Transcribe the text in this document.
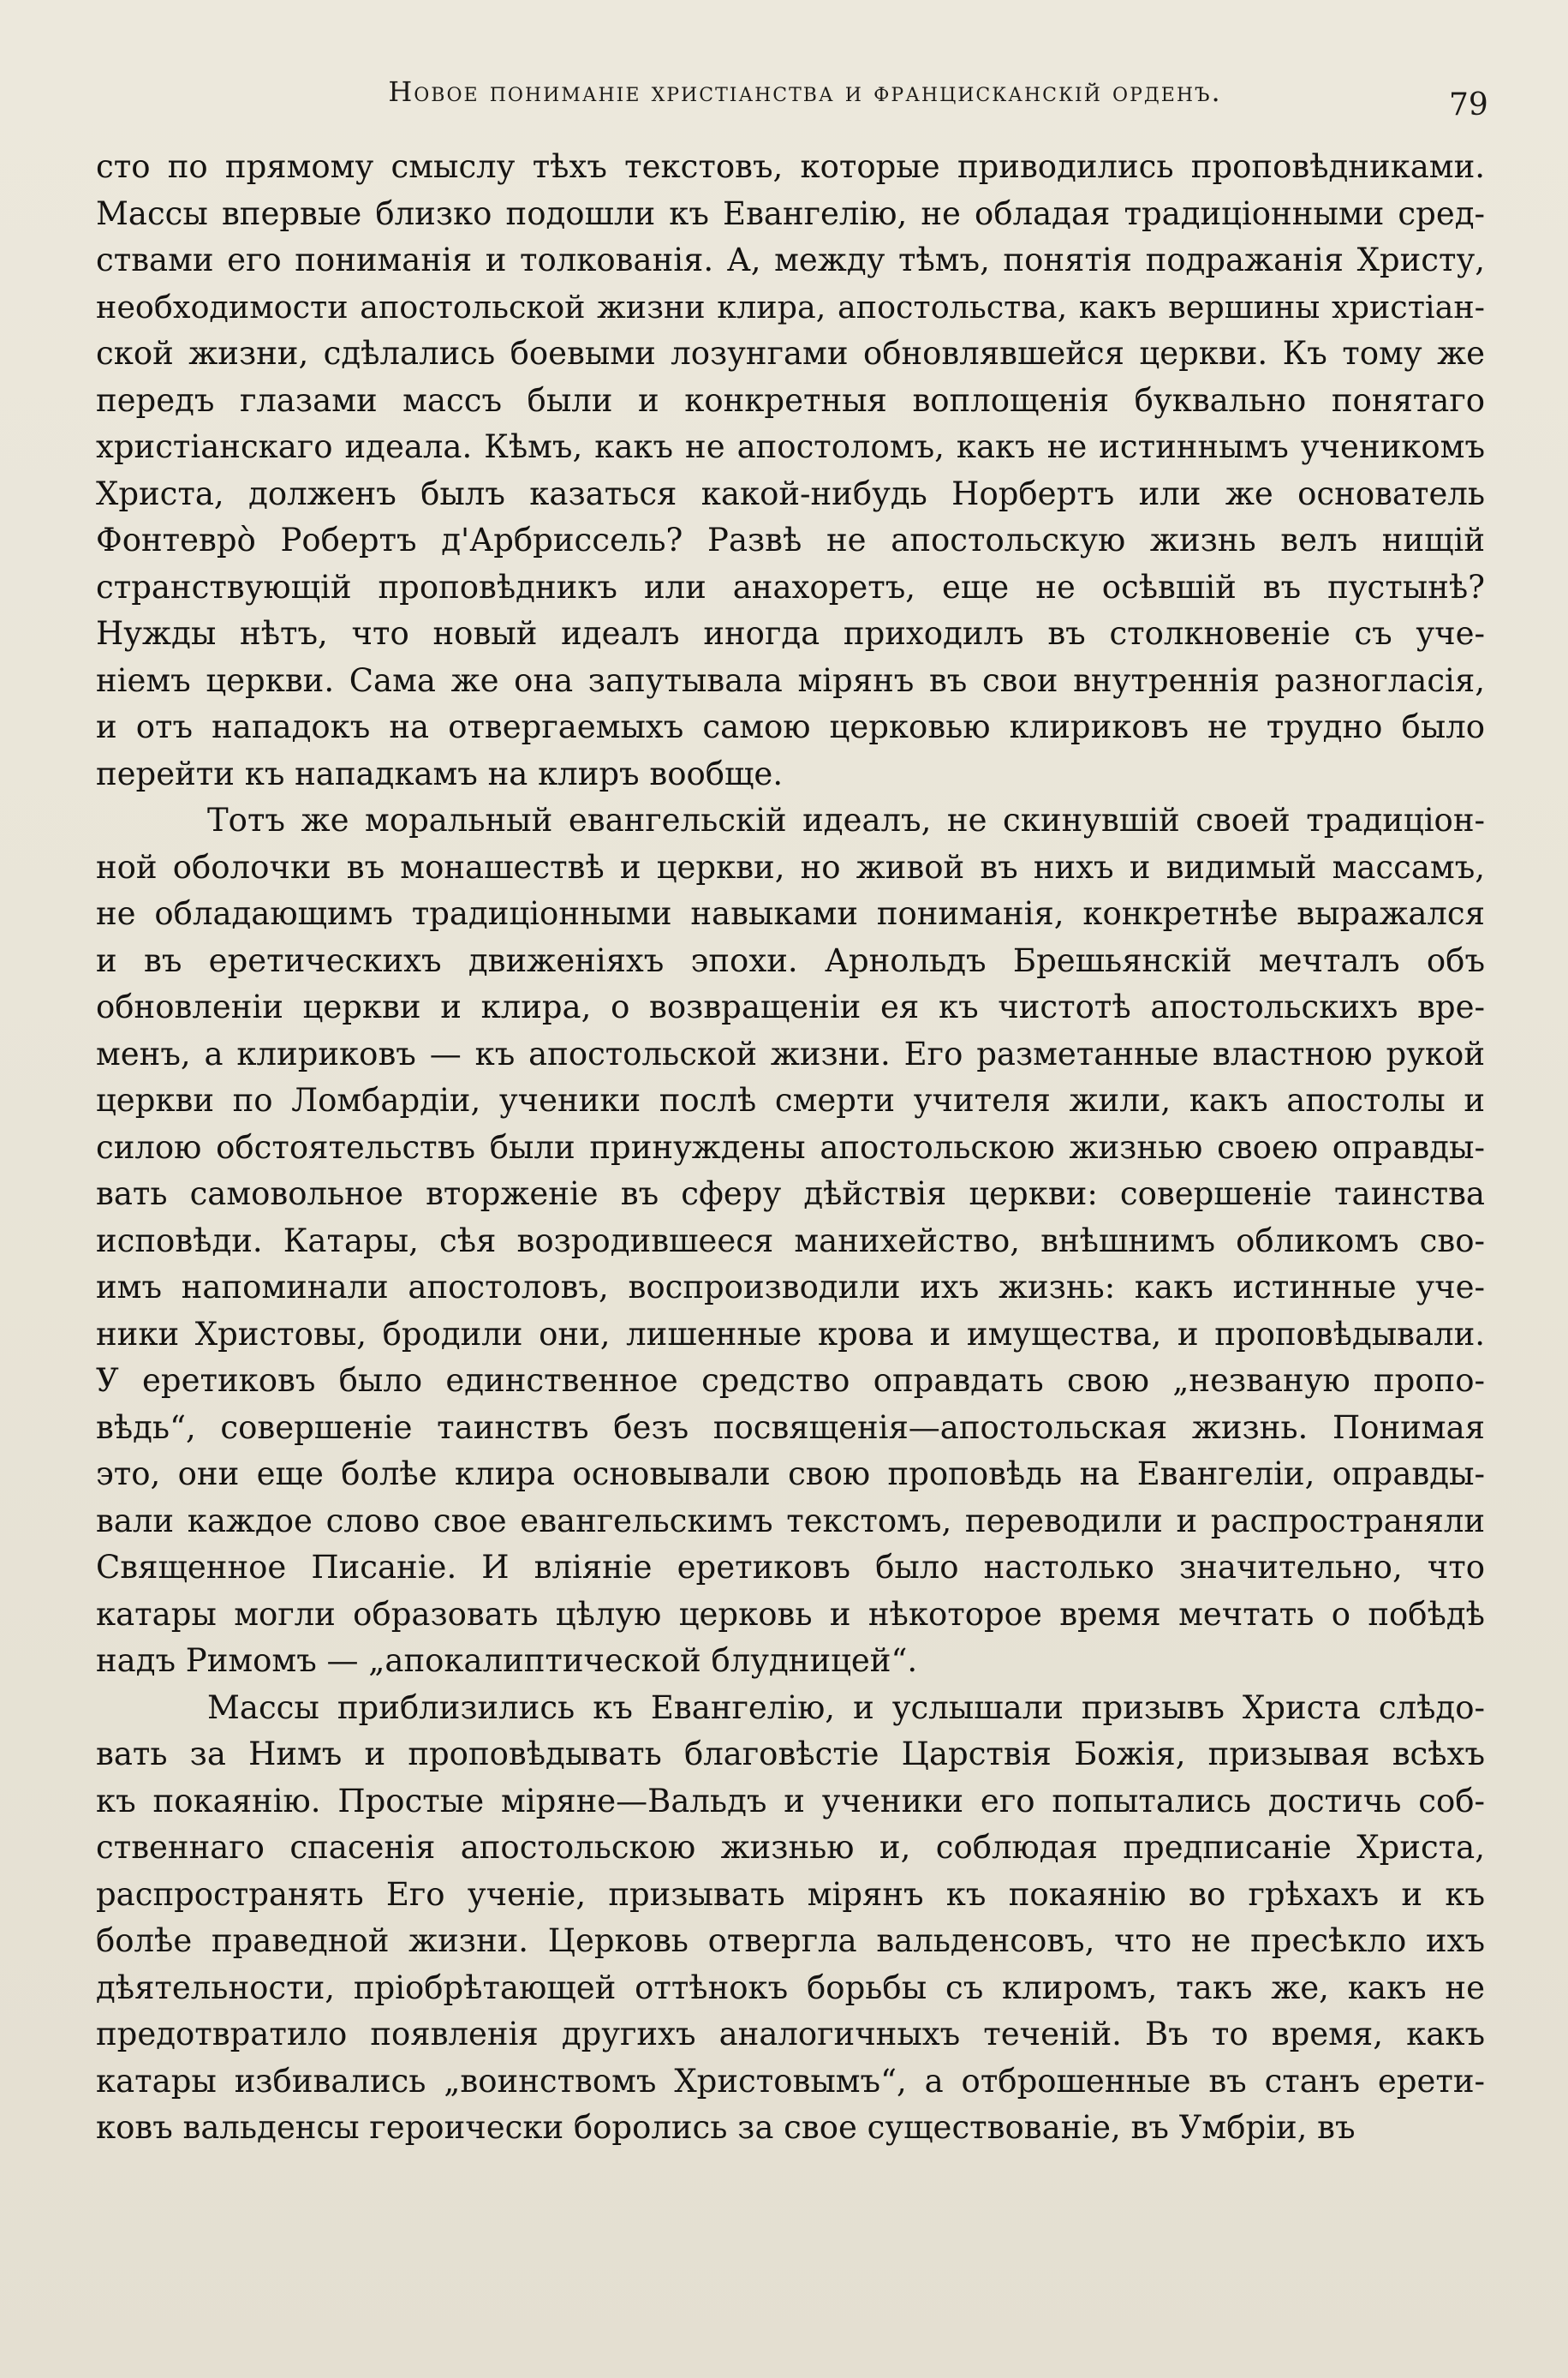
Новое пониманіе христіанства и францисканскій орденъ.	79
сто по прямому смыслу тѣхъ текстовъ, которые приводились проповѣдниками.
Массы впервые близко подошли къ Евангелію, не обладая традиціонными сред-
ствами его пониманія и толкованія. А, между тѣмъ, понятія подражанія Христу,
необходимости апостольской жизни клира, апостольства, какъ вершины христіан-
ской жизни, сдѣлались боевыми лозунгами обновлявшейся церкви. Къ тому же
передъ глазами массъ были и конкретныя воплощенія буквально понятаго
христіанскаго идеала. Кѣмъ, какъ не апостоломъ, какъ не истиннымъ ученикомъ
Христа, долженъ былъ казаться какой-нибудь Норбертъ или же основатель
Фонтевро̀ Робертъ д'Арбриссель? Развѣ не апостольскую жизнь велъ нищій
странствующій проповѣдникъ или анахоретъ, еще не осѣвшій въ пустынѣ?
Нужды нѣтъ, что новый идеалъ иногда приходилъ въ столкновеніе съ уче-
ніемъ церкви. Сама же она запутывала мірянъ въ свои внутреннія разногласія,
и отъ нападокъ на отвергаемыхъ самою церковью клириковъ не трудно было
перейти къ нападкамъ на клиръ вообще.
Тотъ же моральный евангельскій идеалъ, не скинувшій своей традиціон-
ной оболочки въ монашествѣ и церкви, но живой въ нихъ и видимый массамъ,
не обладающимъ традиціонными навыками пониманія, конкретнѣе выражался
и въ еретическихъ движеніяхъ эпохи. Арнольдъ Брешьянскій мечталъ объ
обновленіи церкви и клира, о возвращеніи ея къ чистотѣ апостольскихъ вре-
менъ, а клириковъ — къ апостольской жизни. Его разметанные властною рукой
церкви по Ломбардіи, ученики послѣ смерти учителя жили, какъ апостолы и
силою обстоятельствъ были принуждены апостольскою жизнью своею оправды-
вать самовольное вторженіе въ сферу дѣйствія церкви: совершеніе таинства
исповѣди. Катары, сѣя возродившееся манихейство, внѣшнимъ обликомъ сво-
имъ напоминали апостоловъ, воспроизводили ихъ жизнь: какъ истинные уче-
ники Христовы, бродили они, лишенные крова и имущества, и проповѣдывали.
У еретиковъ было единственное средство оправдать свою „незваную пропо-
вѣдь“, совершеніе таинствъ безъ посвященія—апостольская жизнь. Понимая
это, они еще болѣе клира основывали свою проповѣдь на Евангеліи, оправды-
вали каждое слово свое евангельскимъ текстомъ, переводили и распространяли
Священное Писаніе. И вліяніе еретиковъ было настолько значительно, что
катары могли образовать цѣлую церковь и нѣкоторое время мечтать о побѣдѣ
надъ Римомъ — „апокалиптической блудницей“.
Массы приблизились къ Евангелію, и услышали призывъ Христа слѣдо-
вать за Нимъ и проповѣдывать благовѣстіе Царствія Божія, призывая всѣхъ
къ покаянію. Простые міряне—Вальдъ и ученики его попытались достичь соб-
ственнаго спасенія апостольскою жизнью и, соблюдая предписаніе Христа,
распространять Его ученіе, призывать мірянъ къ покаянію во грѣхахъ и къ
болѣе праведной жизни. Церковь отвергла вальденсовъ, что не пресѣкло ихъ
дѣятельности, пріобрѣтающей оттѣнокъ борьбы съ клиромъ, такъ же, какъ не
предотвратило появленія другихъ аналогичныхъ теченій. Въ то время, какъ
катары избивались „воинствомъ Христовымъ“, а отброшенные въ станъ ерети-
ковъ вальденсы героически боролись за свое существованіе, въ Умбріи, въ
